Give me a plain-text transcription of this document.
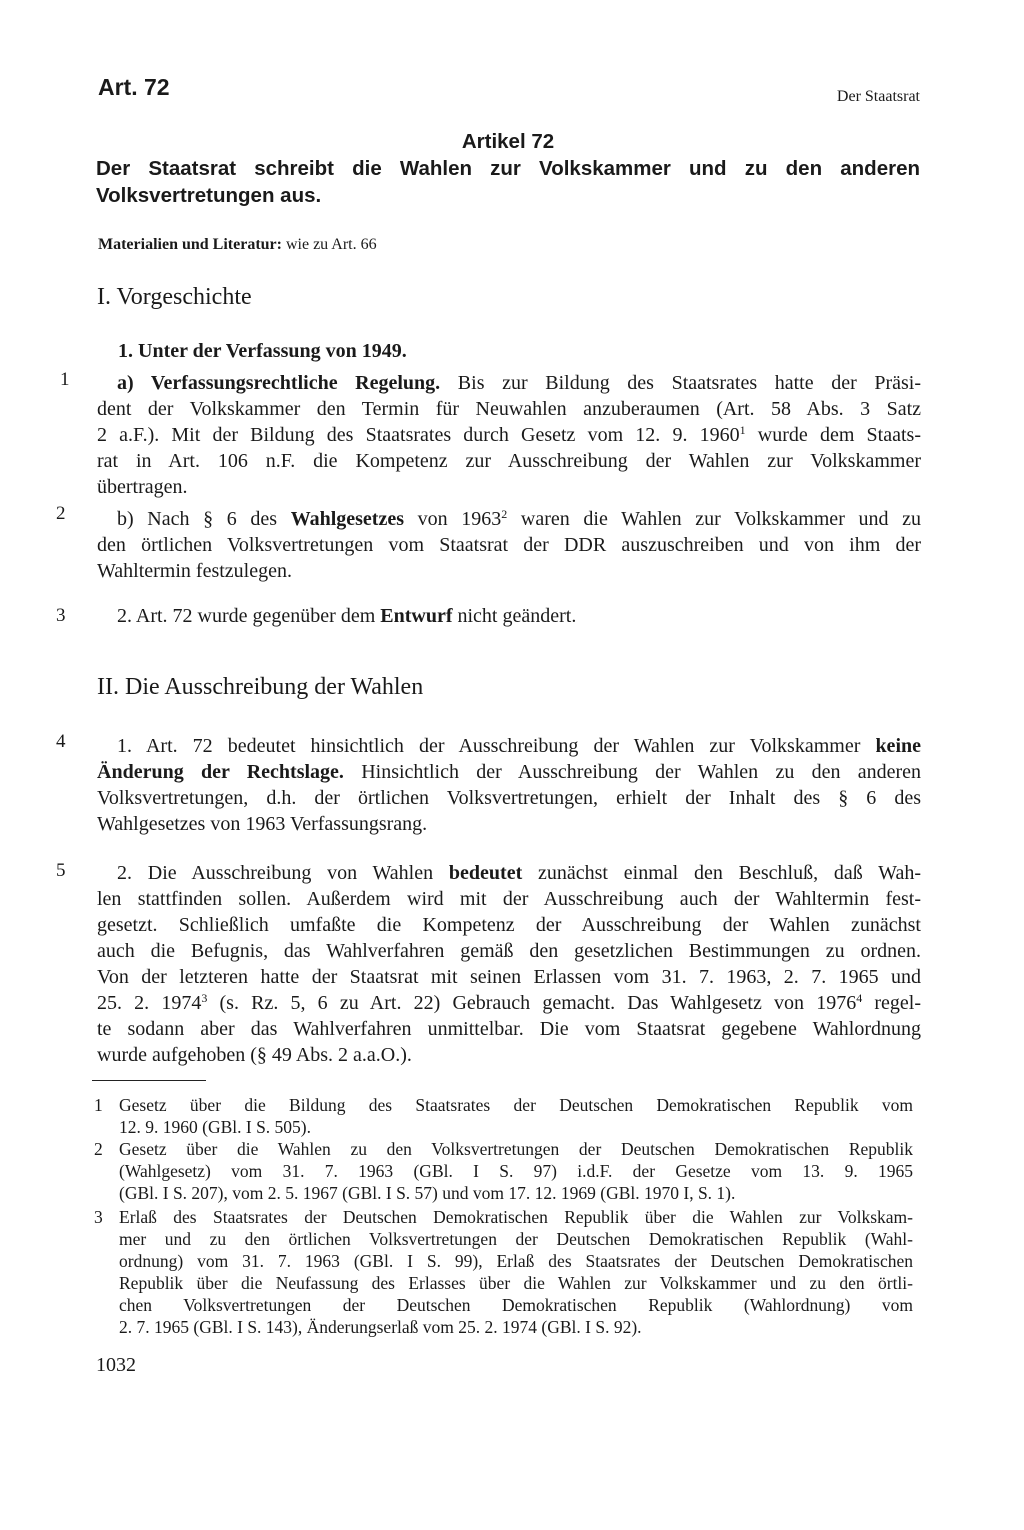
Art. 72	Der Staatsrat
Artikel 72
Der Staatsrat schreibt die Wahlen zur Volkskammer und zu den anderen
Volksvertretungen aus.
Materialien und Literatur: wie zu Art. 66
I. Vorgeschichte
1. Unter der Verfassung von 1949.
1
2
3
4
5
a) Verfassungsrechtliche Regelung. Bis zur Bildung des Staatsrates hatte der Präsi-
dent der Volkskammer den Termin für Neuwahlen anzuberaumen (Art. 58 Abs. 3 Satz
2 a.F.). Mit der Bildung des Staatsrates durch Gesetz vom 12. 9. 1960$^1$ wurde dem Staats-
rat in Art. 106 n.F. die Kompetenz zur Ausschreibung der Wahlen zur Volkskammer
übertragen.
b) Nach § 6 des Wahlgesetzes von 1963$^2$ waren die Wahlen zur Volkskammer und zu
den örtlichen Volksvertretungen vom Staatsrat der DDR auszuschreiben und von ihm der
Wahltermin festzulegen.
2. Art. 72 wurde gegenüber dem Entwurf nicht geändert.
II. Die Ausschreibung der Wahlen
1. Art. 72 bedeutet hinsichtlich der Ausschreibung der Wahlen zur Volkskammer keine
Änderung der Rechtslage. Hinsichtlich der Ausschreibung der Wahlen zu den anderen
Volksvertretungen, d.h. der örtlichen Volksvertretungen, erhielt der Inhalt des § 6 des
Wahlgesetzes von 1963 Verfassungsrang.
2. Die Ausschreibung von Wahlen bedeutet zunächst einmal den Beschluß, daß Wah-
len stattfinden sollen. Außerdem wird mit der Ausschreibung auch der Wahltermin fest-
gesetzt. Schließlich umfaßte die Kompetenz der Ausschreibung der Wahlen zunächst
auch die Befugnis, das Wahlverfahren gemäß den gesetzlichen Bestimmungen zu ordnen.
Von der letzteren hatte der Staatsrat mit seinen Erlassen vom 31. 7. 1963, 2. 7. 1965 und
25. 2. 1974$^3$ (s. Rz. 5, 6 zu Art. 22) Gebrauch gemacht. Das Wahlgesetz von 1976$^4$ regel-
te sodann aber das Wahlverfahren unmittelbar. Die vom Staatsrat gegebene Wahlordnung
wurde aufgehoben (§ 49 Abs. 2 a.a.O.).
1 Gesetz über die Bildung des Staatsrates der Deutschen Demokratischen Republik vom
12. 9. 1960 (GBl. I S. 505).
2 Gesetz über die Wahlen zu den Volksvertretungen der Deutschen Demokratischen Republik
(Wahlgesetz) vom 31. 7. 1963 (GBl. I S. 97) i.d.F. der Gesetze vom 13. 9. 1965
(GBl. I S. 207), vom 2. 5. 1967 (GBl. I S. 57) und vom 17. 12. 1969 (GBl. 1970 I, S. 1).
3 Erlaß des Staatsrates der Deutschen Demokratischen Republik über die Wahlen zur Volkskam-
mer und zu den örtlichen Volksvertretungen der Deutschen Demokratischen Republik (Wahl-
ordnung) vom 31. 7. 1963 (GBl. I S. 99), Erlaß des Staatsrates der Deutschen Demokratischen
Republik über die Neufassung des Erlasses über die Wahlen zur Volkskammer und zu den örtli-
chen Volksvertretungen der Deutschen Demokratischen Republik (Wahlordnung) vom
2. 7. 1965 (GBl. I S. 143), Änderungserlaß vom 25. 2. 1974 (GBl. I S. 92).
1032
